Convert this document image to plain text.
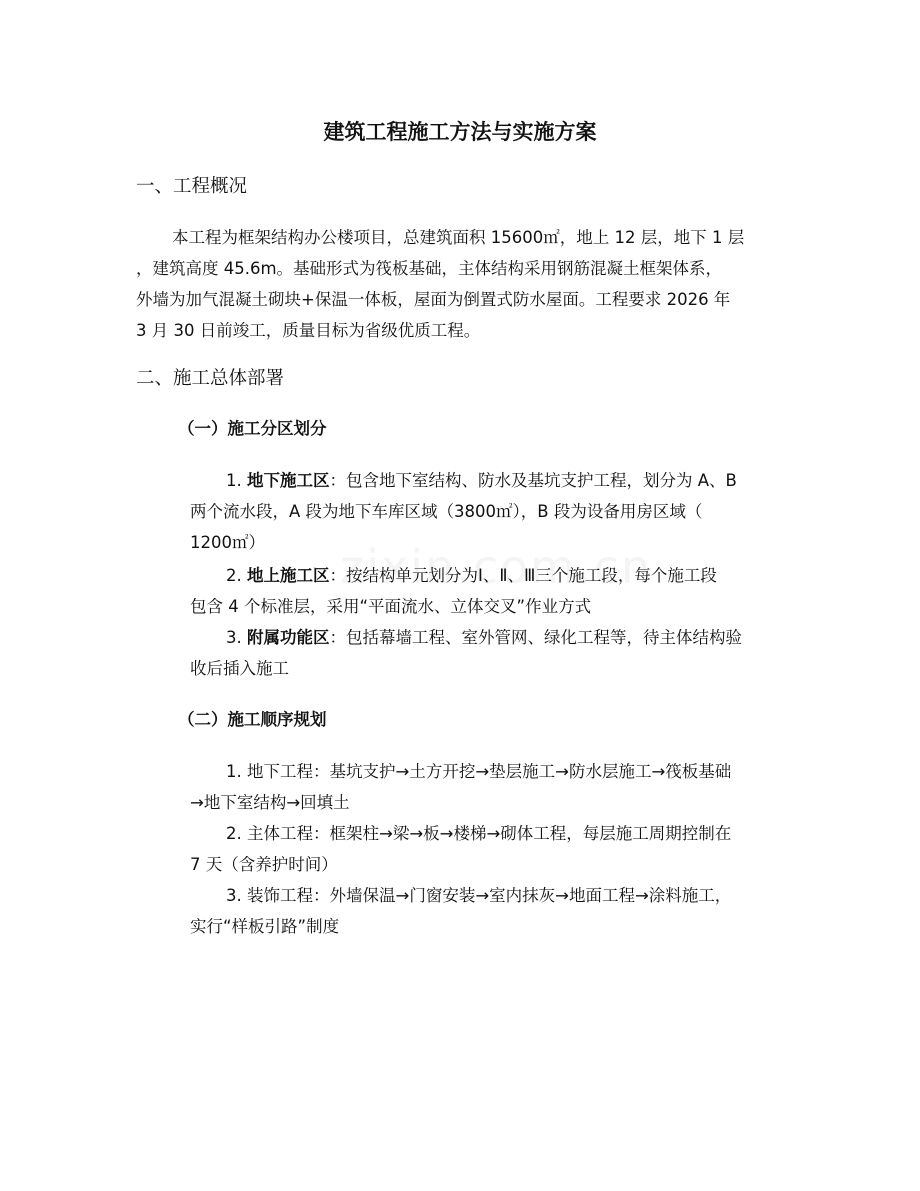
建筑工程施工方法与实施方案
一、工程概况
本工程为框架结构办公楼项目，总建筑面积 15600㎡，地上 12 层，地下 1 层
，建筑高度 45.6m。基础形式为筏板基础，主体结构采用钢筋混凝土框架体系，
外墙为加气混凝土砌块+保温一体板，屋面为倒置式防水屋面。工程要求 2026 年
3 月 30 日前竣工，质量目标为省级优质工程。
二、施工总体部署
（一）施工分区划分
1. 地下施工区：包含地下室结构、防水及基坑支护工程，划分为 A、B
两个流水段，A 段为地下车库区域（3800㎡），B 段为设备用房区域（
1200㎡）
2. 地上施工区：按结构单元划分为Ⅰ、Ⅱ、Ⅲ三个施工段，每个施工段
包含 4 个标准层，采用“平面流水、立体交叉”作业方式
3. 附属功能区：包括幕墙工程、室外管网、绿化工程等，待主体结构验
收后插入施工
（二）施工顺序规划
1. 地下工程：基坑支护→土方开挖→垫层施工→防水层施工→筏板基础
→地下室结构→回填土
2. 主体工程：框架柱→梁→板→楼梯→砌体工程，每层施工周期控制在
7 天（含养护时间）
3. 装饰工程：外墙保温→门窗安装→室内抹灰→地面工程→涂料施工，
实行“样板引路”制度
